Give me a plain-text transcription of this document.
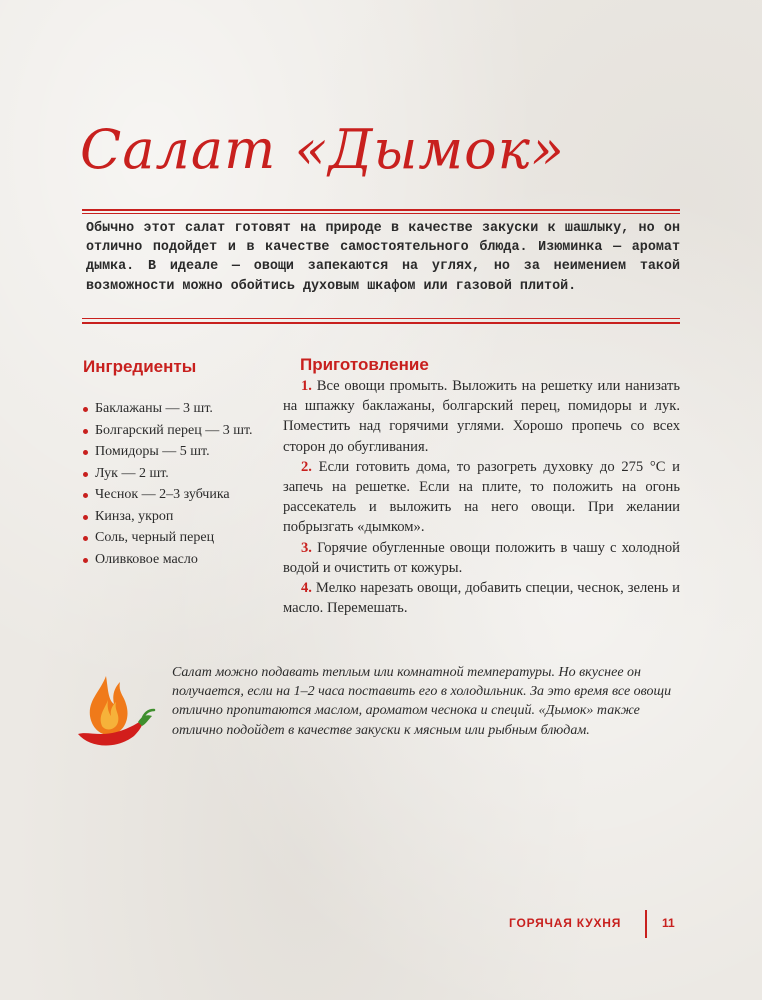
Салат «Дымок»

Обычно этот салат готовят на природе в качестве закуски к шашлыку, но он отлично подойдет и в качестве самостоятельного блюда. Изюминка — аромат дымка. В идеале — овощи запекаются на углях, но за неимением такой возможности можно обойтись духовым шкафом или газовой плитой.

Ингредиенты
Баклажаны — 3 шт.
Болгарский перец — 3 шт.
Помидоры — 5 шт.
Лук — 2 шт.
Чеснок — 2–3 зубчика
Кинза, укроп
Соль, черный перец
Оливковое масло
Приготовление

1. Все овощи промыть. Выложить на решетку или нанизать на шпажку баклажаны, болгарский перец, помидоры и лук. Поместить над горячими углями. Хорошо пропечь со всех сторон до обугливания.

2. Если готовить дома, то разогреть духовку до 275 °С и запечь на решетке. Если на плите, то положить на огонь рассекатель и выложить на него овощи. При желании побрызгать «дымком».

3. Горячие обугленные овощи положить в чашу с холодной водой и очистить от кожуры.

4. Мелко нарезать овощи, добавить специи, чеснок, зелень и масло. Перемешать.

Салат можно подавать теплым или комнатной температуры. Но вкуснее он получается, если на 1–2 часа поставить его в холодильник. За это время все овощи отлично пропитаются маслом, ароматом чеснока и специй. «Дымок» также отлично подойдет в качестве закуски к мясным или рыбным блюдам.

ГОРЯЧАЯ КУХНЯ	11
